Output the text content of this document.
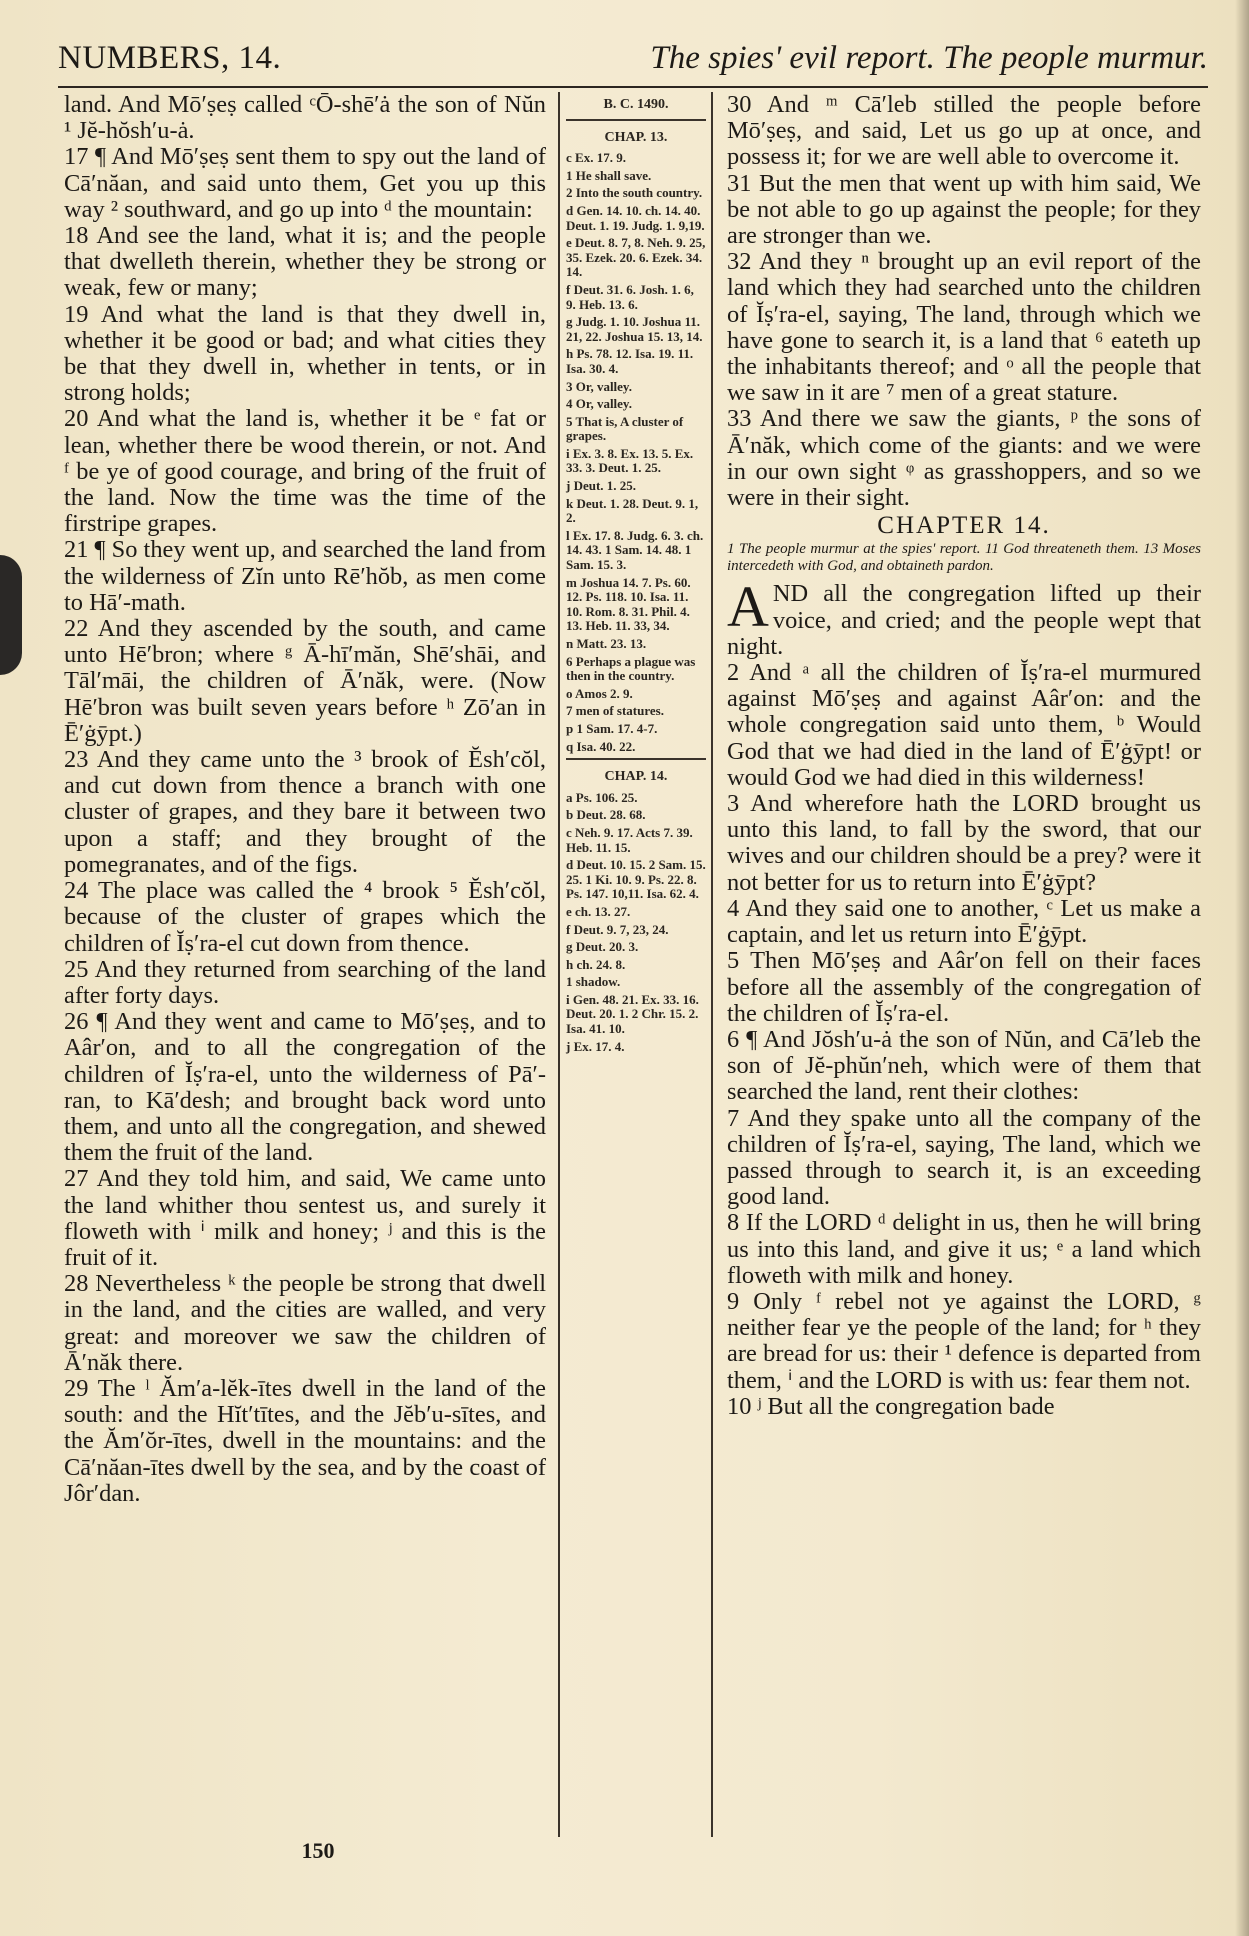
NUMBERS, 14.	The spies' evil report. The people murmur.

land. And Mō′ṣeṣ called ᶜŌ-shē′ȧ the son of Nŭn ¹ Jĕ-hŏsh′u-ȧ.

17 ¶ And Mō′ṣeṣ sent them to spy out the land of Cā′năan, and said unto them, Get you up this way ² southward, and go up into ᵈ the mountain:

18 And see the land, what it is; and the people that dwelleth therein, whether they be strong or weak, few or many;

19 And what the land is that they dwell in, whether it be good or bad; and what cities they be that they dwell in, whether in tents, or in strong holds;

20 And what the land is, whether it be ᵉ fat or lean, whether there be wood therein, or not. And ᶠ be ye of good courage, and bring of the fruit of the land. Now the time was the time of the firstripe grapes.

21 ¶ So they went up, and searched the land from the wilderness of Zĭn unto Rē′hŏb, as men come to Hā′-math.

22 And they ascended by the south, and came unto Hē′bron; where ᵍ Ā-hī′măn, Shē′shāi, and Tāl′māi, the children of Ā′năk, were. (Now Hē′bron was built seven years before ʰ Zō′an in Ē′ġȳpt.)

23 And they came unto the ³ brook of Ĕsh′cŏl, and cut down from thence a branch with one cluster of grapes, and they bare it between two upon a staff; and they brought of the pomegranates, and of the figs.

24 The place was called the ⁴ brook ⁵ Ĕsh′cŏl, because of the cluster of grapes which the children of Ĭṣ′ra-el cut down from thence.

25 And they returned from searching of the land after forty days.

26 ¶ And they went and came to Mō′ṣeṣ, and to Aâr′on, and to all the congregation of the children of Ĭṣ′ra-el, unto the wilderness of Pā′-ran, to Kā′desh; and brought back word unto them, and unto all the congregation, and shewed them the fruit of the land.

27 And they told him, and said, We came unto the land whither thou sentest us, and surely it floweth with ⁱ milk and honey; ʲ and this is the fruit of it.

28 Nevertheless ᵏ the people be strong that dwell in the land, and the cities are walled, and very great: and moreover we saw the children of Ā′năk there.

29 The ˡ Ăm′a-lĕk-ītes dwell in the land of the south: and the Hĭt′tītes, and the Jĕb′u-sītes, and the Ăm′ŏr-ītes, dwell in the mountains: and the Cā′năan-ītes dwell by the sea, and by the coast of Jôr′dan.

B. C. 1490.
CHAP. 13.
c Ex. 17. 9.
1 He shall save.
2 Into the south country.
d Gen. 14. 10. ch. 14. 40. Deut. 1. 19. Judg. 1. 9,19.
e Deut. 8. 7, 8. Neh. 9. 25, 35. Ezek. 20. 6. Ezek. 34. 14.
f Deut. 31. 6. Josh. 1. 6, 9. Heb. 13. 6.
g Judg. 1. 10. Joshua 11. 21, 22. Joshua 15. 13, 14.
h Ps. 78. 12. Isa. 19. 11. Isa. 30. 4.
3 Or, valley.
4 Or, valley.
5 That is, A cluster of grapes.
i Ex. 3. 8. Ex. 13. 5. Ex. 33. 3. Deut. 1. 25.
j Deut. 1. 25.
k Deut. 1. 28. Deut. 9. 1, 2.
l Ex. 17. 8. Judg. 6. 3. ch. 14. 43. 1 Sam. 14. 48. 1 Sam. 15. 3.
m Joshua 14. 7. Ps. 60. 12. Ps. 118. 10. Isa. 11. 10. Rom. 8. 31. Phil. 4. 13. Heb. 11. 33, 34.
n Matt. 23. 13.
6 Perhaps a plague was then in the country.
o Amos 2. 9.
7 men of statures.
p 1 Sam. 17. 4-7.
q Isa. 40. 22.
CHAP. 14.
a Ps. 106. 25.
b Deut. 28. 68.
c Neh. 9. 17. Acts 7. 39. Heb. 11. 15.
d Deut. 10. 15. 2 Sam. 15. 25. 1 Ki. 10. 9. Ps. 22. 8. Ps. 147. 10,11. Isa. 62. 4.
e ch. 13. 27.
f Deut. 9. 7, 23, 24.
g Deut. 20. 3.
h ch. 24. 8.
1 shadow.
i Gen. 48. 21. Ex. 33. 16. Deut. 20. 1. 2 Chr. 15. 2. Isa. 41. 10.
j Ex. 17. 4.

30 And ᵐ Cā′leb stilled the people before Mō′ṣeṣ, and said, Let us go up at once, and possess it; for we are well able to overcome it.

31 But the men that went up with him said, We be not able to go up against the people; for they are stronger than we.

32 And they ⁿ brought up an evil report of the land which they had searched unto the children of Ĭṣ′ra-el, saying, The land, through which we have gone to search it, is a land that ⁶ eateth up the inhabitants thereof; and ᵒ all the people that we saw in it are ⁷ men of a great stature.

33 And there we saw the giants, ᵖ the sons of Ā′năk, which come of the giants: and we were in our own sight ᵠ as grasshoppers, and so we were in their sight.

CHAPTER 14.
1 The people murmur at the spies' report. 11 God threateneth them. 13 Moses intercedeth with God, and obtaineth pardon.

AND all the congregation lifted up their voice, and cried; and the people wept that night.

2 And ᵃ all the children of Ĭṣ′ra-el murmured against Mō′ṣeṣ and against Aâr′on: and the whole congregation said unto them, ᵇ Would God that we had died in the land of Ē′ġȳpt! or would God we had died in this wilderness!

3 And wherefore hath the LORD brought us unto this land, to fall by the sword, that our wives and our children should be a prey? were it not better for us to return into Ē′ġȳpt?

4 And they said one to another, ᶜ Let us make a captain, and let us return into Ē′ġȳpt.

5 Then Mō′ṣeṣ and Aâr′on fell on their faces before all the assembly of the congregation of the children of Ĭṣ′ra-el.

6 ¶ And Jŏsh′u-ȧ the son of Nŭn, and Cā′leb the son of Jĕ-phŭn′neh, which were of them that searched the land, rent their clothes:

7 And they spake unto all the company of the children of Ĭṣ′ra-el, saying, The land, which we passed through to search it, is an exceeding good land.

8 If the LORD ᵈ delight in us, then he will bring us into this land, and give it us; ᵉ a land which floweth with milk and honey.

9 Only ᶠ rebel not ye against the LORD, ᵍ neither fear ye the people of the land; for ʰ they are bread for us: their ¹ defence is departed from them, ⁱ and the LORD is with us: fear them not.

10 ʲ But all the congregation bade

150
